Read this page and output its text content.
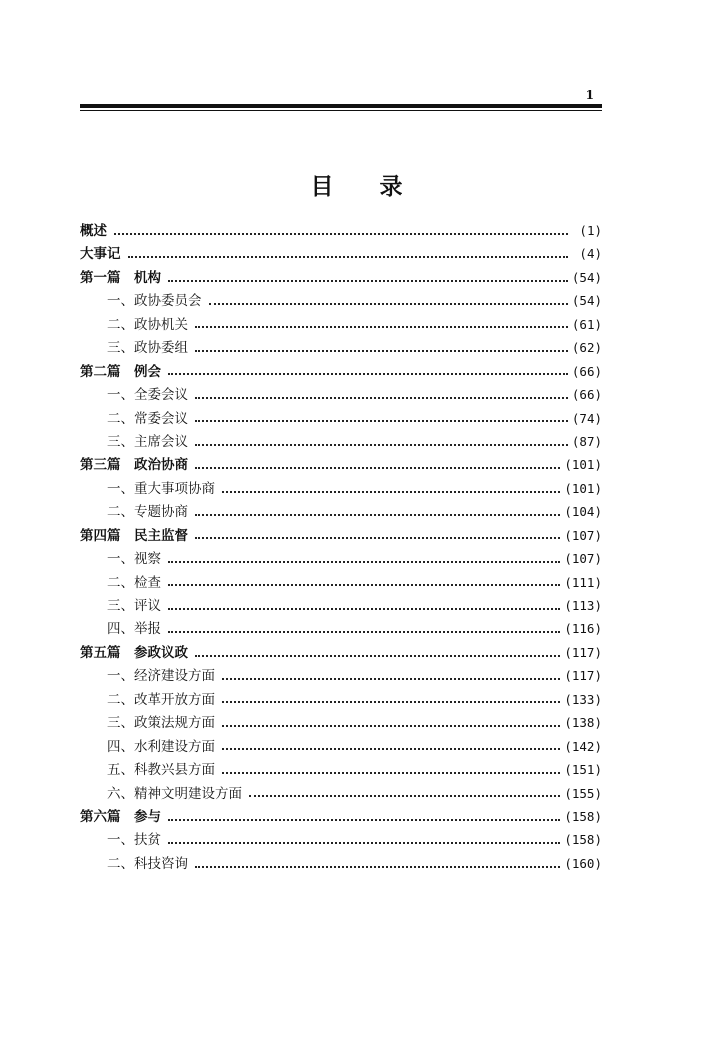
1
目录
概述	(1)
大事记	(4)
第一篇　机构	(54)
一、政协委员会	(54)
二、政协机关	(61)
三、政协委组	(62)
第二篇　例会	(66)
一、全委会议	(66)
二、常委会议	(74)
三、主席会议	(87)
第三篇　政治协商	(101)
一、重大事项协商	(101)
二、专题协商	(104)
第四篇　民主监督	(107)
一、视察	(107)
二、检查	(111)
三、评议	(113)
四、举报	(116)
第五篇　参政议政	(117)
一、经济建设方面	(117)
二、改革开放方面	(133)
三、政策法规方面	(138)
四、水利建设方面	(142)
五、科教兴县方面	(151)
六、精神文明建设方面	(155)
第六篇　参与	(158)
一、扶贫	(158)
二、科技咨询	(160)
